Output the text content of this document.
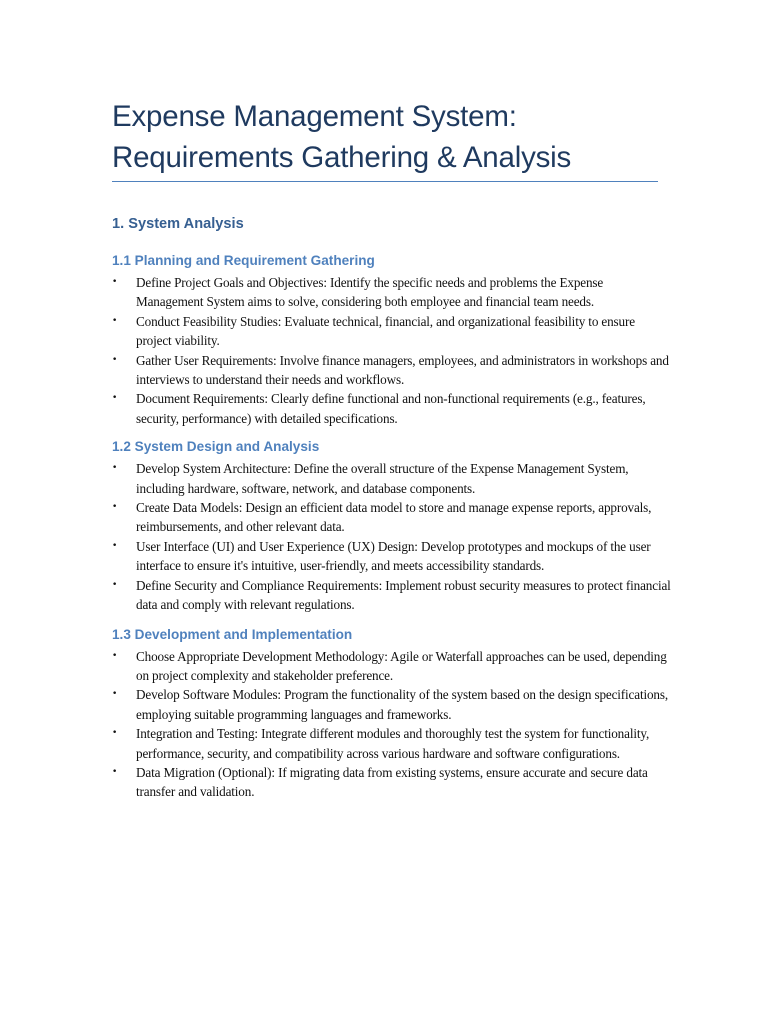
Expense Management System:
Requirements Gathering & Analysis
1. System Analysis
1.1 Planning and Requirement Gathering
•	Define Project Goals and Objectives: Identify the specific needs and problems the Expense Management System aims to solve, considering both employee and financial team needs.
•	Conduct Feasibility Studies: Evaluate technical, financial, and organizational feasibility to ensure project viability.
•	Gather User Requirements: Involve finance managers, employees, and administrators in workshops and interviews to understand their needs and workflows.
•	Document Requirements: Clearly define functional and non-functional requirements (e.g., features, security, performance) with detailed specifications.
1.2 System Design and Analysis
•	Develop System Architecture: Define the overall structure of the Expense Management System, including hardware, software, network, and database components.
•	Create Data Models: Design an efficient data model to store and manage expense reports, approvals, reimbursements, and other relevant data.
•	User Interface (UI) and User Experience (UX) Design: Develop prototypes and mockups of the user interface to ensure it's intuitive, user-friendly, and meets accessibility standards.
•	Define Security and Compliance Requirements: Implement robust security measures to protect financial data and comply with relevant regulations.
1.3 Development and Implementation
•	Choose Appropriate Development Methodology: Agile or Waterfall approaches can be used, depending on project complexity and stakeholder preference.
•	Develop Software Modules: Program the functionality of the system based on the design specifications, employing suitable programming languages and frameworks.
•	Integration and Testing: Integrate different modules and thoroughly test the system for functionality, performance, security, and compatibility across various hardware and software configurations.
•	Data Migration (Optional): If migrating data from existing systems, ensure accurate and secure data transfer and validation.
